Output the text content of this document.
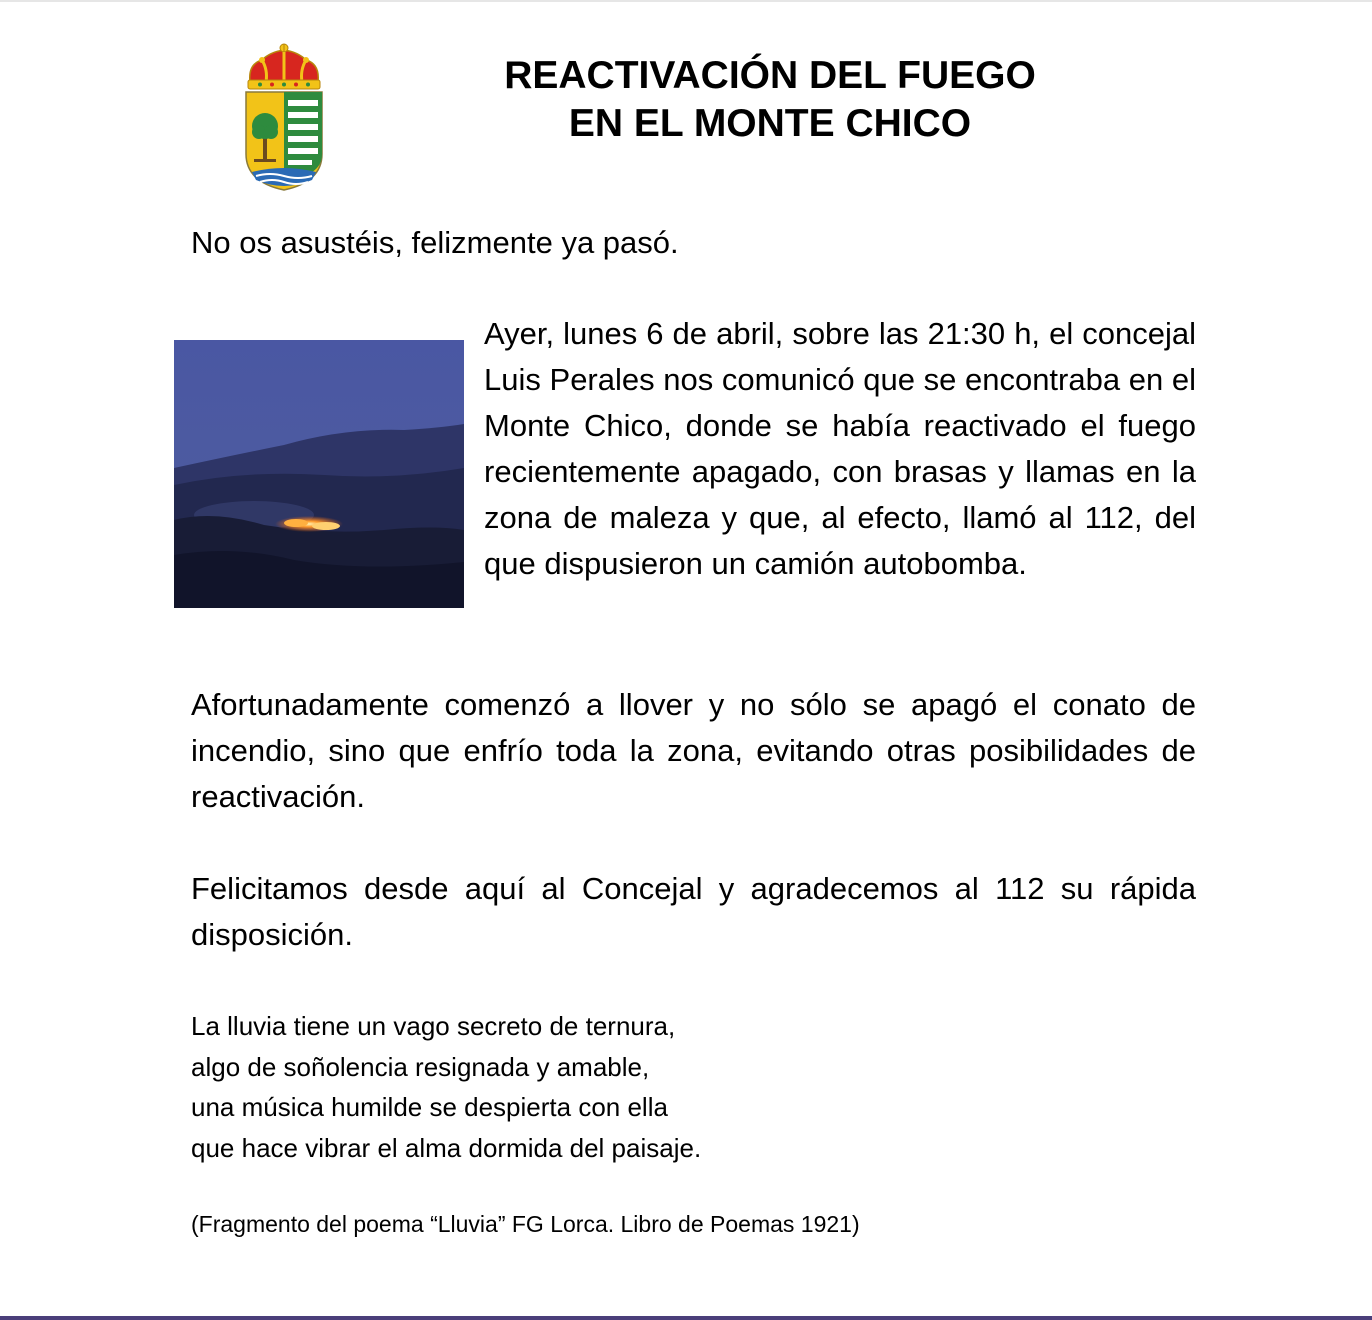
REACTIVACIÓN DEL FUEGO
EN EL MONTE CHICO
No os asustéis, felizmente ya pasó.
Ayer, lunes 6 de abril, sobre las 21:30 h, el concejal Luis Perales nos comunicó que se encontraba en el Monte Chico, donde se había reactivado el fuego recientemente apagado, con brasas y llamas en la zona de maleza y que, al efecto, llamó al 112, del que dispusieron un camión autobomba.
Afortunadamente comenzó a llover y no sólo se apagó el conato de incendio, sino que enfrío toda la zona, evitando otras posibilidades de reactivación.
Felicitamos desde aquí al Concejal y agradecemos al 112 su rápida disposición.
La lluvia tiene un vago secreto de ternura,
algo de soñolencia resignada y amable,
una música humilde se despierta con ella
que hace vibrar el alma dormida del paisaje.
(Fragmento del poema “Lluvia” FG Lorca. Libro de Poemas 1921)
